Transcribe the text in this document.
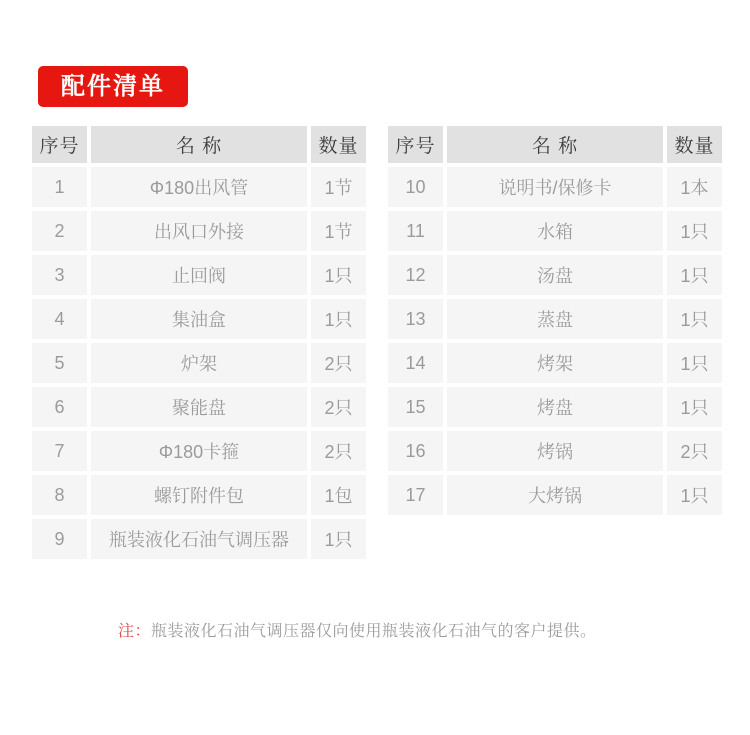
配件清单
序号	名 称	数量
1	Φ180出风管	1节
2	出风口外接	1节
3	止回阀	1只
4	集油盒	1只
5	炉架	2只
6	聚能盘	2只
7	Φ180卡箍	2只
8	螺钉附件包	1包
9	瓶装液化石油气调压器	1只
序号	名 称	数量
10	说明书/保修卡	1本
11	水箱	1只
12	汤盘	1只
13	蒸盘	1只
14	烤架	1只
15	烤盘	1只
16	烤锅	2只
17	大烤锅	1只
注：瓶装液化石油气调压器仅向使用瓶装液化石油气的客户提供。
